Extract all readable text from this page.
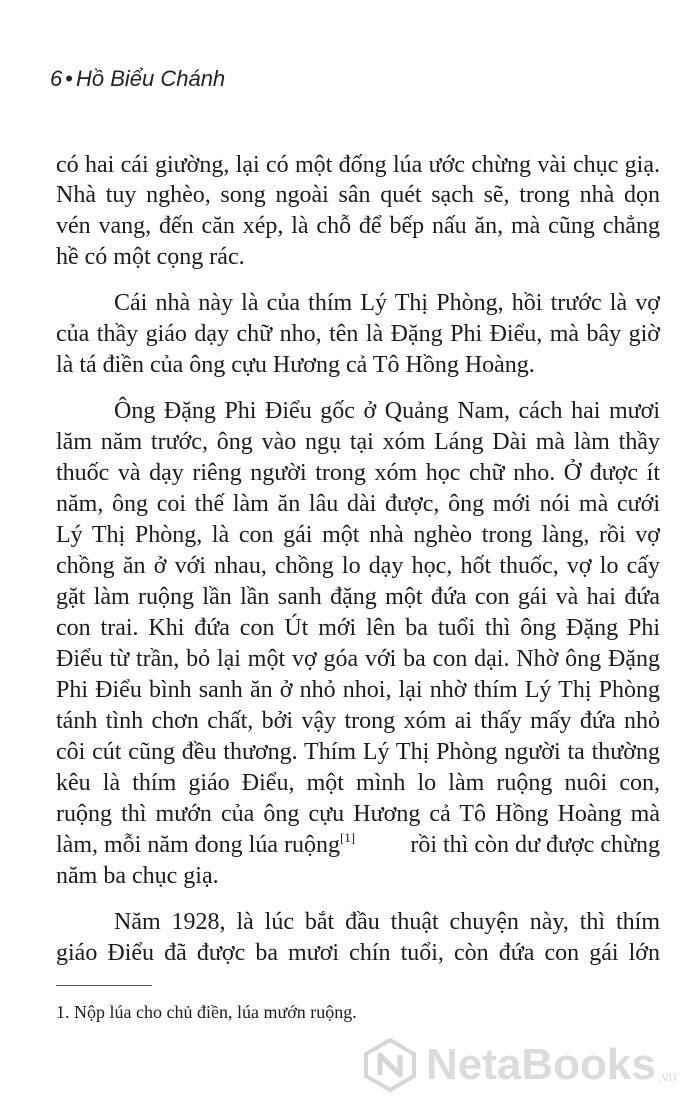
6 • Hồ Biểu Chánh
có hai cái giường, lại có một đống lúa ước chừng vài chục giạ.
Nhà tuy nghèo, song ngoài sân quét sạch sẽ, trong nhà dọn
vén vang, đến căn xép, là chỗ để bếp nấu ăn, mà cũng chẳng
hề có một cọng rác.
Cái nhà này là của thím Lý Thị Phòng, hồi trước là vợ
của thầy giáo dạy chữ nho, tên là Đặng Phi Điểu, mà bây giờ
là tá điền của ông cựu Hương cả Tô Hồng Hoàng.
Ông Đặng Phi Điểu gốc ở Quảng Nam, cách hai mươi
lăm năm trước, ông vào ngụ tại xóm Láng Dài mà làm thầy
thuốc và dạy riêng người trong xóm học chữ nho. Ở được ít
năm, ông coi thế làm ăn lâu dài được, ông mới nói mà cưới
Lý Thị Phòng, là con gái một nhà nghèo trong làng, rồi vợ
chồng ăn ở với nhau, chồng lo dạy học, hốt thuốc, vợ lo cấy
gặt làm ruộng lần lần sanh đặng một đứa con gái và hai đứa
con trai. Khi đứa con Út mới lên ba tuổi thì ông Đặng Phi
Điểu từ trần, bỏ lại một vợ góa với ba con dại. Nhờ ông Đặng
Phi Điểu bình sanh ăn ở nhỏ nhoi, lại nhờ thím Lý Thị Phòng
tánh tình chơn chất, bởi vậy trong xóm ai thấy mấy đứa nhỏ
côi cút cũng đều thương. Thím Lý Thị Phòng người ta thường
kêu là thím giáo Điểu, một mình lo làm ruộng nuôi con,
ruộng thì mướn của ông cựu Hương cả Tô Hồng Hoàng mà
làm, mỗi năm đong lúa ruộng[1] rồi thì còn dư được chừng
năm ba chục giạ.
Năm 1928, là lúc bắt đầu thuật chuyện này, thì thím
giáo Điểu đã được ba mươi chín tuổi, còn đứa con gái lớn
1. Nộp lúa cho chủ điền, lúa mướn ruộng.
NetaBooks .vn
